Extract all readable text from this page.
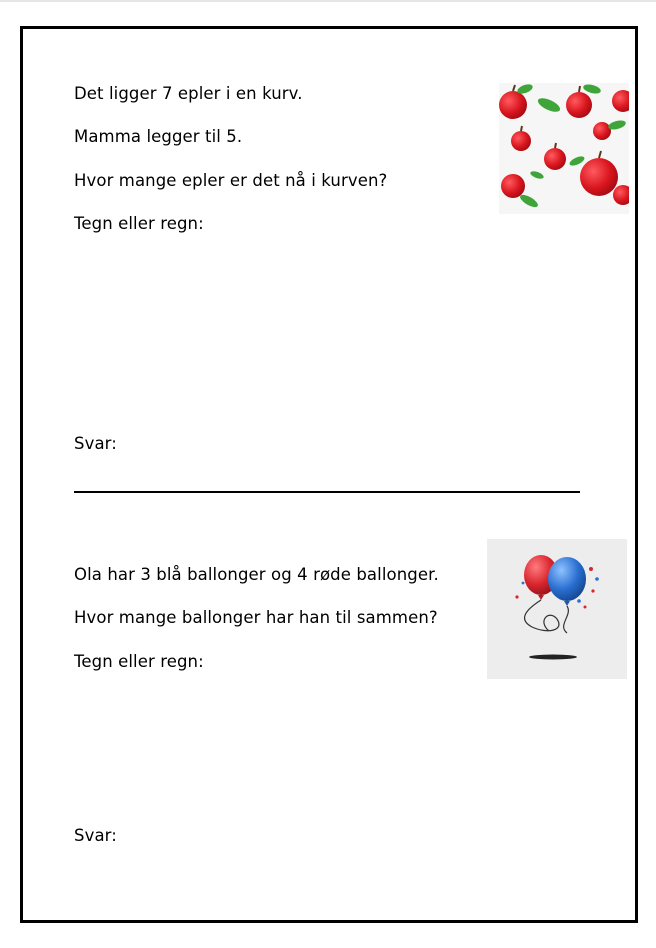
Det ligger 7 epler i en kurv.
Mamma legger til 5.
Hvor mange epler er det nå i kurven?
Tegn eller regn:
Svar:
Ola har 3 blå ballonger og 4 røde ballonger.
Hvor mange ballonger har han til sammen?
Tegn eller regn:
Svar:
